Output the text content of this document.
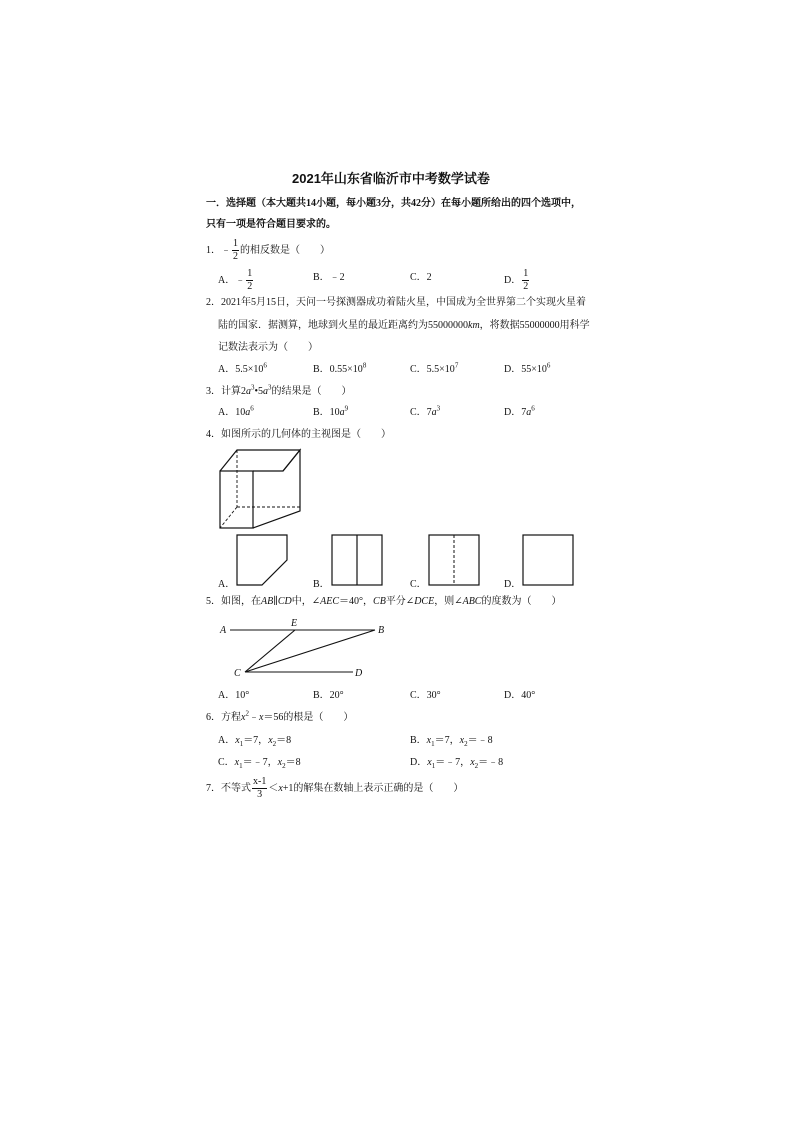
2021年山东省临沂市中考数学试卷
一．选择题（本大题共14小题，每小题3分，共42分）在每小题所给出的四个选项中，
只有一项是符合题目要求的。
1．﹣ $\frac{1}{2}$ 的相反数是（　　）
A．﹣ $\frac{1}{2}$	B．﹣2	C．2	D． $\frac{1}{2}$
2．2021年5月15日，天问一号探测器成功着陆火星，中国成为全世界第二个实现火星着
陆的国家．据测算，地球到火星的最近距离约为55000000km，将数据55000000用科学
记数法表示为（　　）
A．$5.5\times 10^6$	B．$0.55\times 10^8$	C．$5.5\times 10^7$	D．$55\times 10^6$
3．计算$2a^3•5a^3$的结果是（　　）
A．$10a^6$	B．$10a^9$	C．$7a^3$	D．$7a^6$
4．如图所示的几何体的主视图是（　　）
A．	B．	C．	D．
5．如图，在AB∥CD中，∠AEC＝40°，CB平分∠DCE，则∠ABC的度数为（　　）
A
E
B
C	D
A．10°	B．20°	C．30°	D．40°
6．方程$x^2﹣x=56$的根是（　　）
A．$x_1=7$，$x_2=8$	B．$x_1=7$，$x_2=﹣8$
C．$x_1=﹣7$，$x_2=8$	D．$x_1=﹣7$，$x_2=﹣8$
7．不等式 $\frac{x-1}{3} <x+1$的解集在数轴上表示正确的是（　　）
